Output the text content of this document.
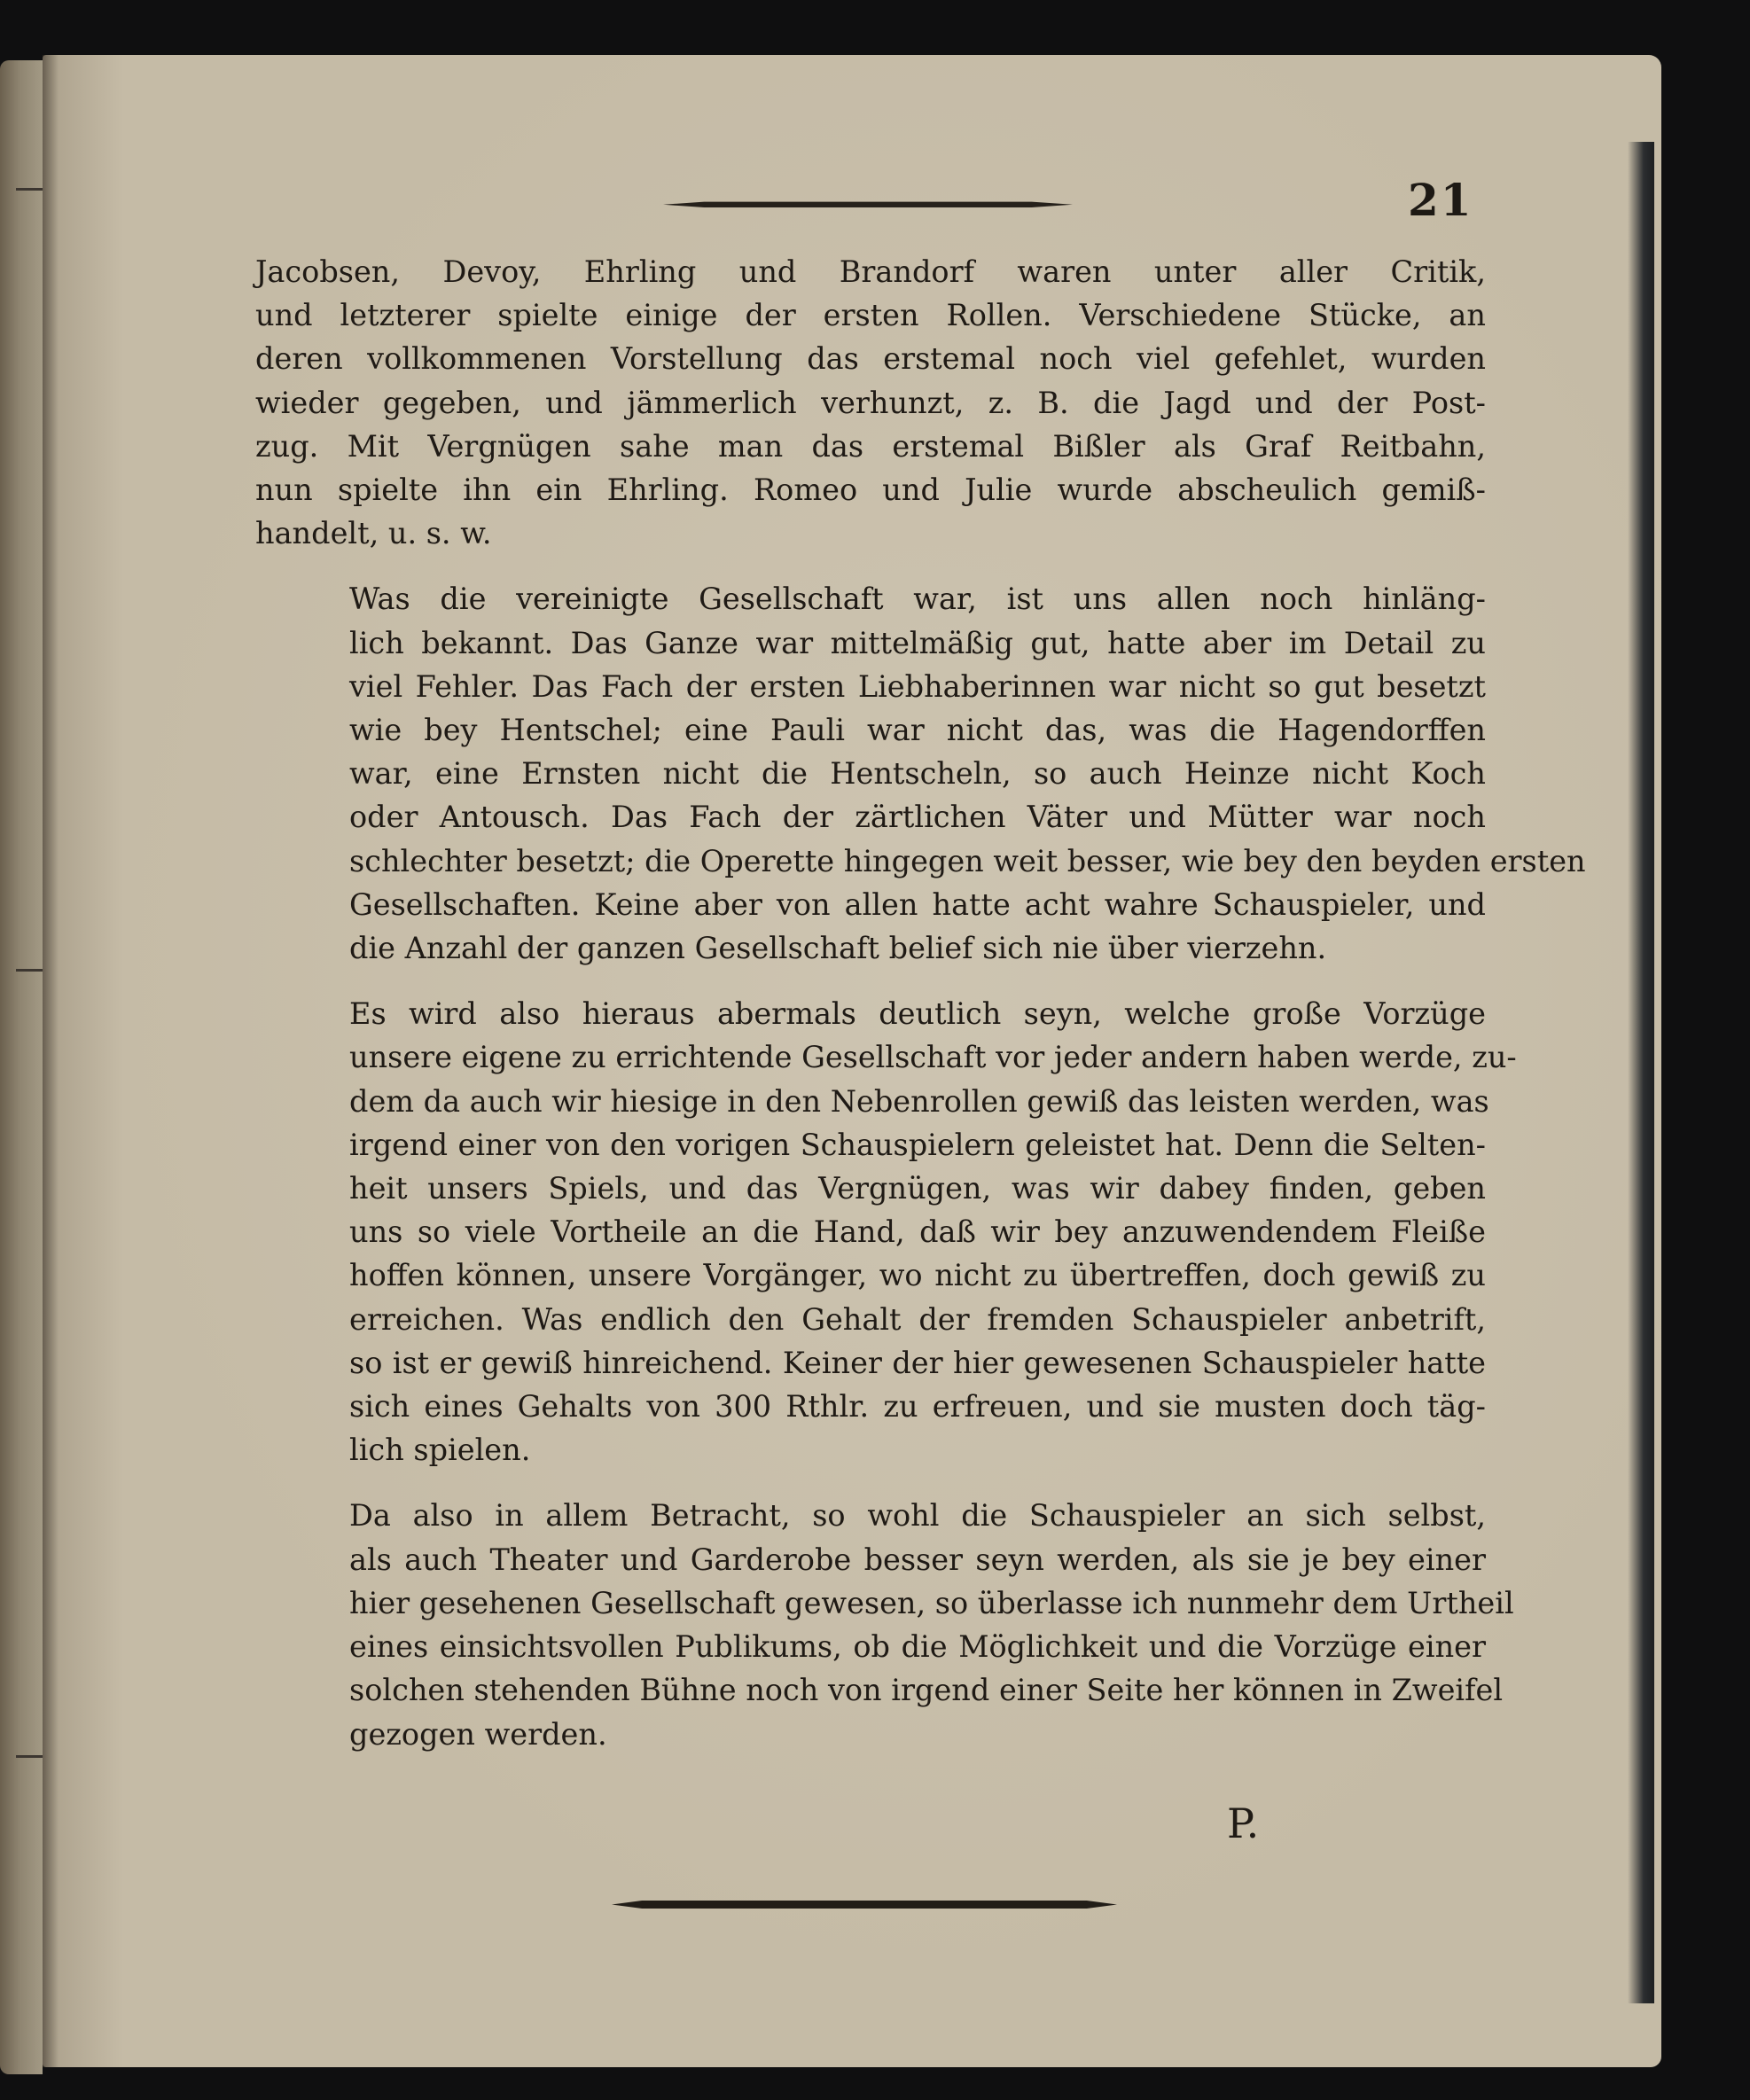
21
Jacobsen, Devoy, Ehrling und Brandorf waren unter aller Critik,
und letzterer spielte einige der ersten Rollen. Verschiedene Stücke, an
deren vollkommenen Vorstellung das erstemal noch viel gefehlet, wurden
wieder gegeben, und jämmerlich verhunzt, z. B. die Jagd und der Post-
zug. Mit Vergnügen sahe man das erstemal Bißler als Graf Reitbahn,
nun spielte ihn ein Ehrling. Romeo und Julie wurde abscheulich gemiß-
handelt, u. s. w.
Was die vereinigte Gesellschaft war, ist uns allen noch hinläng-
lich bekannt. Das Ganze war mittelmäßig gut, hatte aber im Detail zu
viel Fehler. Das Fach der ersten Liebhaberinnen war nicht so gut besetzt
wie bey Hentschel; eine Pauli war nicht das, was die Hagendorffen
war, eine Ernsten nicht die Hentscheln, so auch Heinze nicht Koch
oder Antousch. Das Fach der zärtlichen Väter und Mütter war noch
schlechter besetzt; die Operette hingegen weit besser, wie bey den beyden ersten
Gesellschaften. Keine aber von allen hatte acht wahre Schauspieler, und
die Anzahl der ganzen Gesellschaft belief sich nie über vierzehn.
Es wird also hieraus abermals deutlich seyn, welche große Vorzüge
unsere eigene zu errichtende Gesellschaft vor jeder andern haben werde, zu-
dem da auch wir hiesige in den Nebenrollen gewiß das leisten werden, was
irgend einer von den vorigen Schauspielern geleistet hat. Denn die Selten-
heit unsers Spiels, und das Vergnügen, was wir dabey finden, geben
uns so viele Vortheile an die Hand, daß wir bey anzuwendendem Fleiße
hoffen können, unsere Vorgänger, wo nicht zu übertreffen, doch gewiß zu
erreichen. Was endlich den Gehalt der fremden Schauspieler anbetrift,
so ist er gewiß hinreichend. Keiner der hier gewesenen Schauspieler hatte
sich eines Gehalts von 300 Rthlr. zu erfreuen, und sie musten doch täg-
lich spielen.
Da also in allem Betracht, so wohl die Schauspieler an sich selbst,
als auch Theater und Garderobe besser seyn werden, als sie je bey einer
hier gesehenen Gesellschaft gewesen, so überlasse ich nunmehr dem Urtheil
eines einsichtsvollen Publikums, ob die Möglichkeit und die Vorzüge einer
solchen stehenden Bühne noch von irgend einer Seite her können in Zweifel
gezogen werden.
P.
